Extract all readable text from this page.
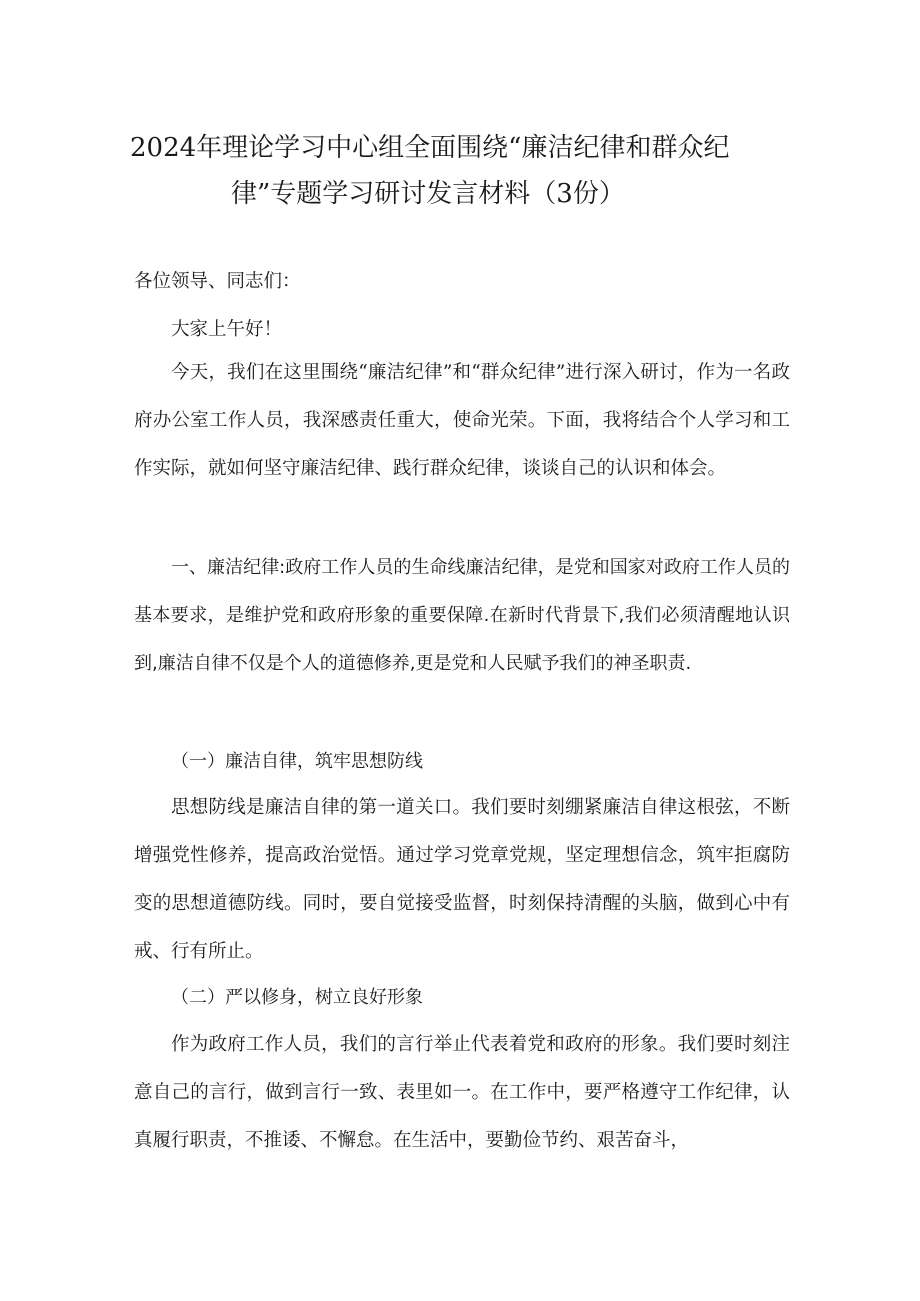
2024年理论学习中心组全面围绕“廉洁纪律和群众纪
律”专题学习研讨发言材料（3份）

各位领导、同志们：

大家上午好！

今天，我们在这里围绕“廉洁纪律”和“群众纪律”进行深入研讨，作为一名政府办公室工作人员，我深感责任重大，使命光荣。下面，我将结合个人学习和工作实际，就如何坚守廉洁纪律、践行群众纪律，谈谈自己的认识和体会。

一、廉洁纪律:政府工作人员的生命线廉洁纪律，是党和国家对政府工作人员的基本要求，是维护党和政府形象的重要保障.在新时代背景下,我们必须清醒地认识到,廉洁自律不仅是个人的道德修养,更是党和人民赋予我们的神圣职责.

（一）廉洁自律，筑牢思想防线

思想防线是廉洁自律的第一道关口。我们要时刻绷紧廉洁自律这根弦，不断增强党性修养，提高政治觉悟。通过学习党章党规，坚定理想信念，筑牢拒腐防变的思想道德防线。同时，要自觉接受监督，时刻保持清醒的头脑，做到心中有戒、行有所止。

（二）严以修身，树立良好形象

作为政府工作人员，我们的言行举止代表着党和政府的形象。我们要时刻注意自己的言行，做到言行一致、表里如一。在工作中，要严格遵守工作纪律，认真履行职责，不推诿、不懈怠。在生活中，要勤俭节约、艰苦奋斗，
